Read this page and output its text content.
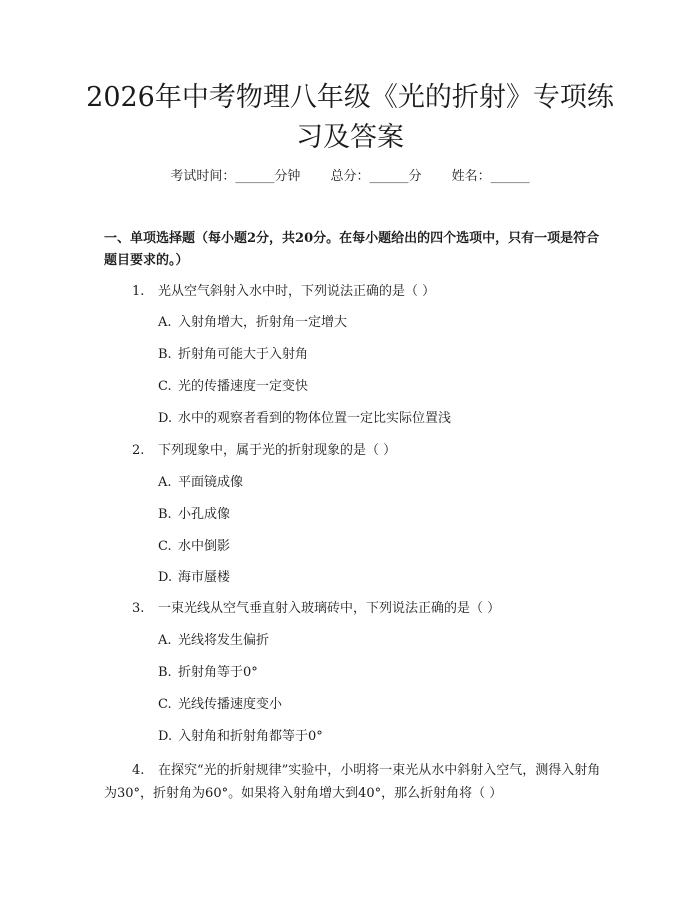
2026年中考物理八年级《光的折射》专项练
习及答案
考试时间：______分钟 总分：______分 姓名：______
一、单项选择题（每小题2分，共20分。在每小题给出的四个选项中，只有一项是符合题目要求的。）
1. 光从空气斜射入水中时，下列说法正确的是（ ）
A. 入射角增大，折射角一定增大
B. 折射角可能大于入射角
C. 光的传播速度一定变快
D. 水中的观察者看到的物体位置一定比实际位置浅
2. 下列现象中，属于光的折射现象的是（ ）
A. 平面镜成像
B. 小孔成像
C. 水中倒影
D. 海市蜃楼
3. 一束光线从空气垂直射入玻璃砖中，下列说法正确的是（ ）
A. 光线将发生偏折
B. 折射角等于0°
C. 光线传播速度变小
D. 入射角和折射角都等于0°
4. 在探究“光的折射规律”实验中，小明将一束光从水中斜射入空气，测得入射角为30°，折射角为60°。如果将入射角增大到40°，那么折射角将（ ）
